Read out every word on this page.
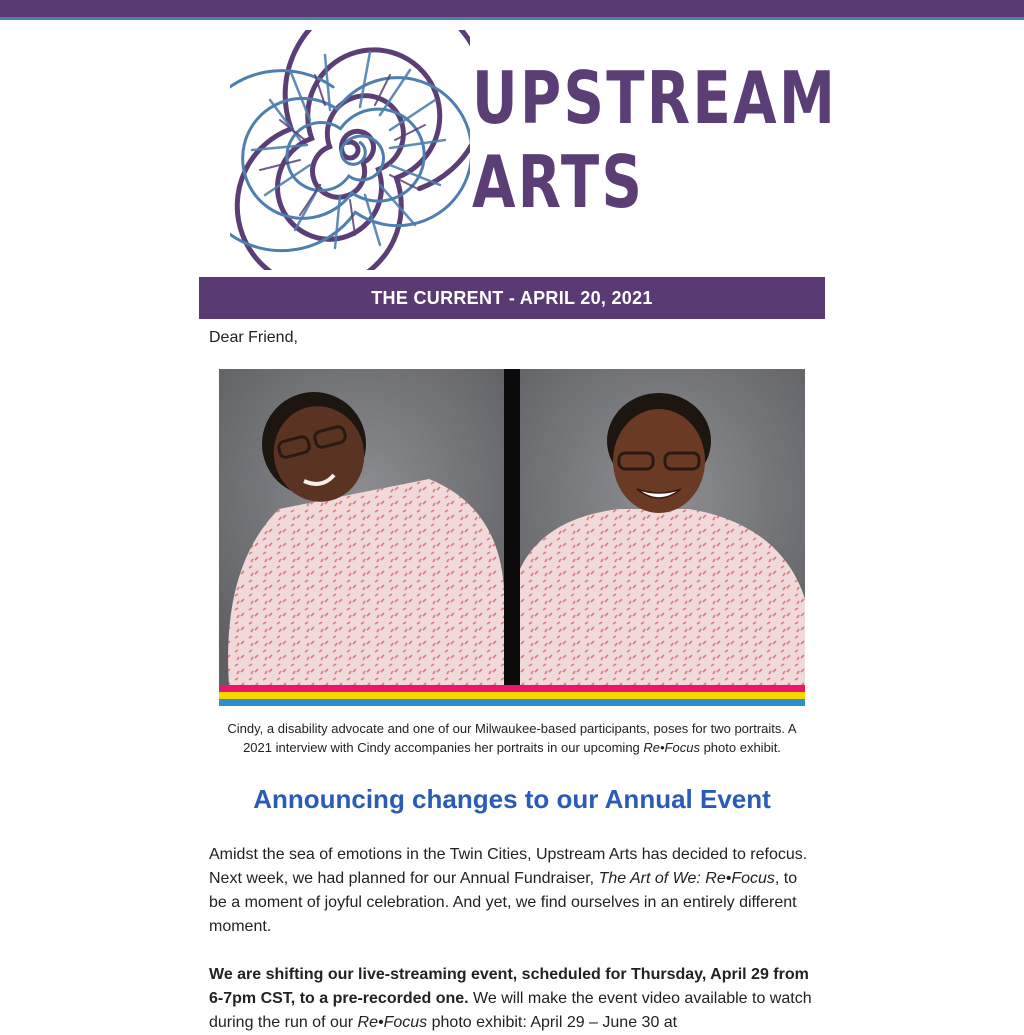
UPSTREAM
ARTS
THE CURRENT - APRIL 20, 2021
Dear Friend,
Cindy, a disability advocate and one of our Milwaukee-based participants, poses for two portraits. A 2021 interview with Cindy accompanies her portraits in our upcoming Re•Focus photo exhibit.
Announcing changes to our Annual Event
Amidst the sea of emotions in the Twin Cities, Upstream Arts has decided to refocus. Next week, we had planned for our Annual Fundraiser, The Art of We: Re•Focus, to be a moment of joyful celebration. And yet, we find ourselves in an entirely different moment.
We are shifting our live-streaming event, scheduled for Thursday, April 29 from 6-7pm CST, to a pre-recorded one. We will make the event video available to watch during the run of our Re•Focus photo exhibit: April 29 – June 30 at
